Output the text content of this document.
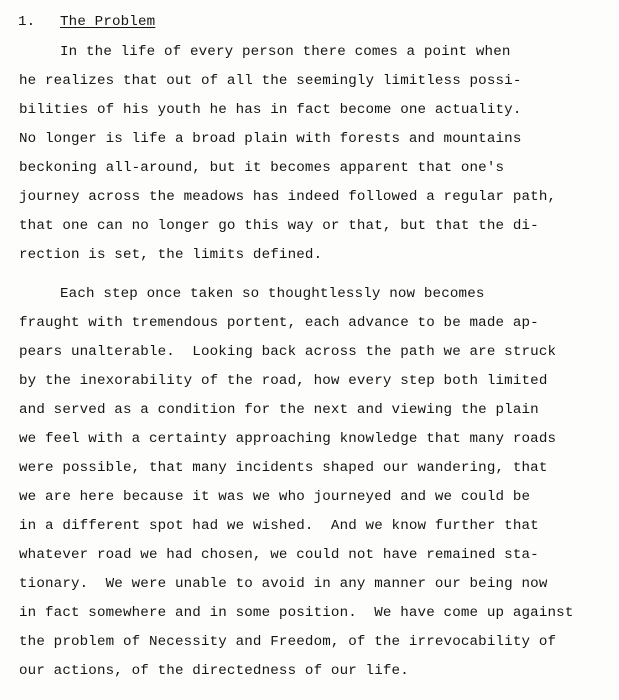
1. The Problem
In the life of every person there comes a point when
he realizes that out of all the seemingly limitless possi-
bilities of his youth he has in fact become one actuality.
No longer is life a broad plain with forests and mountains
beckoning all-around, but it becomes apparent that one's
journey across the meadows has indeed followed a regular path,
that one can no longer go this way or that, but that the di-
rection is set, the limits defined.
Each step once taken so thoughtlessly now becomes
fraught with tremendous portent, each advance to be made ap-
pears unalterable.  Looking back across the path we are struck
by the inexorability of the road, how every step both limited
and served as a condition for the next and viewing the plain
we feel with a certainty approaching knowledge that many roads
were possible, that many incidents shaped our wandering, that
we are here because it was we who journeyed and we could be
in a different spot had we wished.  And we know further that
whatever road we had chosen, we could not have remained sta-
tionary.  We were unable to avoid in any manner our being now
in fact somewhere and in some position.  We have come up against
the problem of Necessity and Freedom, of the irrevocability of
our actions, of the directedness of our life.
